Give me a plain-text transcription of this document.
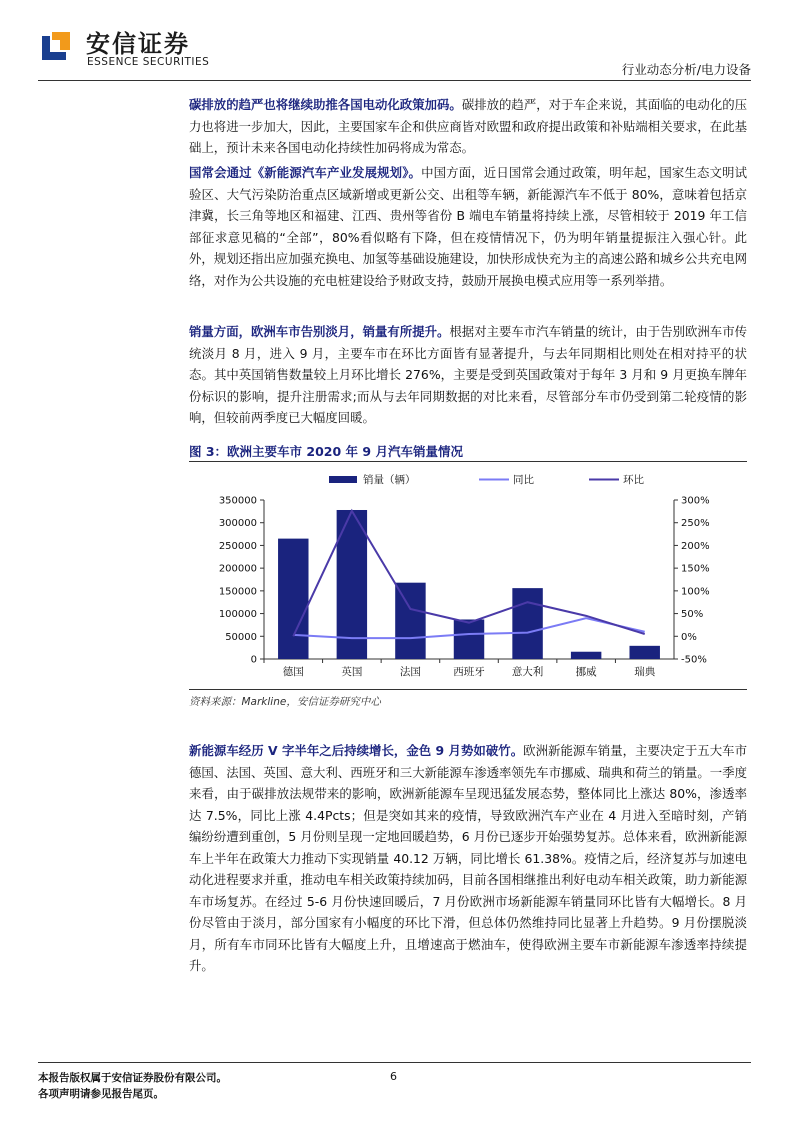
安信证券
ESSENCE SECURITIES	行业动态分析/电力设备
碳排放的趋严也将继续助推各国电动化政策加码。碳排放的趋严，对于车企来说，其面临的电动化的压力也将进一步加大，因此，主要国家车企和供应商皆对欧盟和政府提出政策和补贴端相关要求，在此基础上，预计未来各国电动化持续性加码将成为常态。
国常会通过《新能源汽车产业发展规划》。中国方面，近日国常会通过政策，明年起，国家生态文明试验区、大气污染防治重点区域新增或更新公交、出租等车辆，新能源汽车不低于 80%，意味着包括京津冀，长三角等地区和福建、江西、贵州等省份 B 端电车销量将持续上涨，尽管相较于 2019 年工信部征求意见稿的“全部”，80%看似略有下降，但在疫情情况下，仍为明年销量提振注入强心针。此外，规划还指出应加强充换电、加氢等基础设施建设，加快形成快充为主的高速公路和城乡公共充电网络，对作为公共设施的充电桩建设给予财政支持，鼓励开展换电模式应用等一系列举措。
销量方面，欧洲车市告别淡月，销量有所提升。根据对主要车市汽车销量的统计，由于告别欧洲车市传统淡月 8 月，进入 9 月，主要车市在环比方面皆有显著提升，与去年同期相比则处在相对持平的状态。其中英国销售数量较上月环比增长 276%，主要是受到英国政策对于每年 3 月和 9 月更换车牌年份标识的影响，提升注册需求;而从与去年同期数据的对比来看，尽管部分车市仍受到第二轮疫情的影响，但较前两季度已大幅度回暖。
图 3：欧洲主要车市 2020 年 9 月汽车销量情况
0
50000
100000
150000
200000
250000
300000
350000
-50%
0%
50%
100%
150%
200%
250%
300%
德国	英国	法国	西班牙	意大利	挪威	瑞典
销量（辆）	同比	环比
资料来源：Markline，安信证券研究中心
新能源车经历 V 字半年之后持续增长，金色 9 月势如破竹。欧洲新能源车销量，主要决定于五大车市德国、法国、英国、意大利、西班牙和三大新能源车渗透率领先车市挪威、瑞典和荷兰的销量。一季度来看，由于碳排放法规带来的影响，欧洲新能源车呈现迅猛发展态势，整体同比上涨达 80%，渗透率达 7.5%，同比上涨 4.4Pcts；但是突如其来的疫情，导致欧洲汽车产业在 4 月进入至暗时刻，产销编纷纷遭到重创，5 月份则呈现一定地回暖趋势，6 月份已逐步开始强势复苏。总体来看，欧洲新能源车上半年在政策大力推动下实现销量 40.12 万辆，同比增长 61.38%。疫情之后，经济复苏与加速电动化进程要求并重，推动电车相关政策持续加码，目前各国相继推出利好电动车相关政策，助力新能源车市场复苏。在经过 5-6 月份快速回暖后，7 月份欧洲市场新能源车销量同环比皆有大幅增长。8 月份尽管由于淡月，部分国家有小幅度的环比下滑，但总体仍然维持同比显著上升趋势。9 月份摆脱淡月，所有车市同环比皆有大幅度上升，且增速高于燃油车，使得欧洲主要车市新能源车渗透率持续提升。
本报告版权属于安信证券股份有限公司。
各项声明请参见报告尾页。
6
